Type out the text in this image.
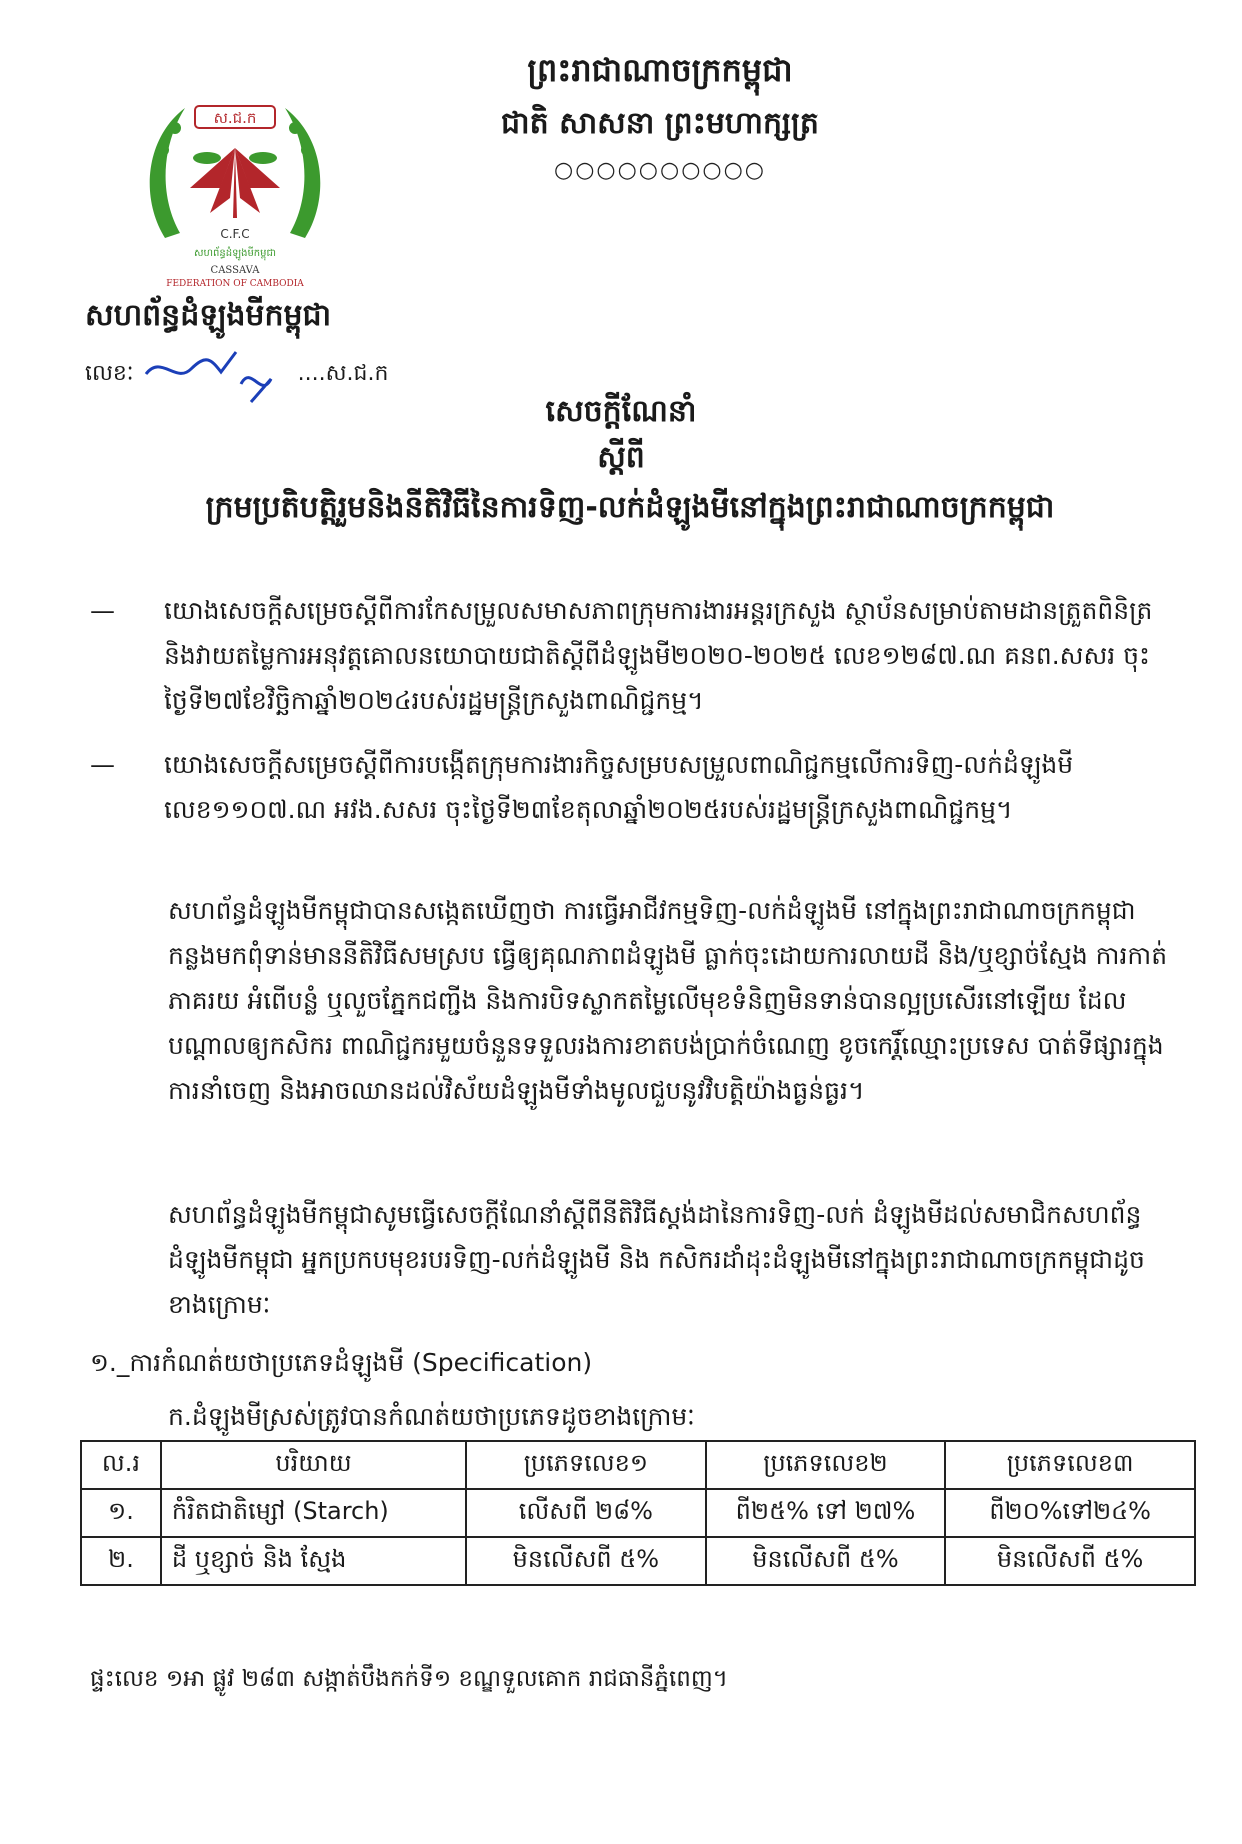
ព្រះរាជាណាចក្រកម្ពុជា
ជាតិ សាសនា ព្រះមហាក្សត្រ
○○○○○○○○○○
ស.ជ.ក
C.F.C
សហព័ន្ធដំឡូងមីកម្ពុជា
CASSAVA
FEDERATION OF CAMBODIA
សហព័ន្ធដំឡូងមីកម្ពុជា
លេខៈ	....ស.ជ.ក
សេចក្តីណែនាំ
ស្តីពី
ក្រមប្រតិបត្តិរួមនិងនីតិវិធីនៃការទិញ-លក់ដំឡូងមីនៅក្នុងព្រះរាជាណាចក្រកម្ពុជា
— យោងសេចក្តីសម្រេចស្តីពីការកែសម្រួលសមាសភាពក្រុមការងារអន្តរក្រសួង ស្ថាប័នសម្រាប់តាមដានត្រួតពិនិត្រនិងវាយតម្លៃការអនុវត្តគោលនយោបាយជាតិស្តីពីដំឡូងមី២០២០-២០២៥ លេខ១២៨៧.ណ គនព.សសរ ចុះថ្ងៃទី២៧ខែវិច្ឆិកាឆ្នាំ២០២៤របស់រដ្ឋមន្ត្រីក្រសួងពាណិជ្ជកម្ម។
— យោងសេចក្តីសម្រេចស្តីពីការបង្កើតក្រុមការងារកិច្ចសម្របសម្រួលពាណិជ្ជកម្មលើការទិញ-លក់ដំឡូងមី លេខ១១០៧.ណ អវង.សសរ ចុះថ្ងៃទី២៣ខែតុលាឆ្នាំ២០២៥របស់រដ្ឋមន្ត្រីក្រសួងពាណិជ្ជកម្ម។
សហព័ន្ធដំឡូងមីកម្ពុជាបានសង្កេតឃើញថា ការធ្វើអាជីវកម្មទិញ-លក់ដំឡូងមី នៅក្នុងព្រះរាជាណាចក្រកម្ពុជា កន្លងមកពុំទាន់មាននីតិវិធីសមស្រប ធ្វើឲ្យគុណភាពដំឡូងមី ធ្លាក់ចុះដោយការលាយដី និង/ឬខ្សាច់ស្មែង ការកាត់ភាគរយ អំពើបន្លំ ឬលួចភ្នែកជញ្ជីង និងការបិទស្លាកតម្លៃលើមុខទំនិញមិនទាន់បានល្អប្រសើរនៅឡើយ ដែលបណ្តាលឲ្យកសិករ ពាណិជ្ជករមួយចំនួនទទួលរងការខាតបង់ប្រាក់ចំណេញ ខូចកេរ្តិ៍ឈ្មោះប្រទេស បាត់ទីផ្សារក្នុងការនាំចេញ និងអាចឈានដល់វិស័យដំឡូងមីទាំងមូលជួបនូវវិបត្តិយ៉ាងធ្ងន់ធ្ងរ។
សហព័ន្ធដំឡូងមីកម្ពុជាសូមធ្វើសេចក្តីណែនាំស្តីពីនីតិវិធីស្តង់ដានៃការទិញ-លក់ ដំឡូងមីដល់សមាជិកសហព័ន្ធដំឡូងមីកម្ពុជា អ្នកប្រកបមុខរបរទិញ-លក់ដំឡូងមី និង កសិករដាំដុះដំឡូងមីនៅក្នុងព្រះរាជាណាចក្រកម្ពុជាដូចខាងក្រោមៈ
១._ការកំណត់យថាប្រភេទដំឡូងមី (Specification)
ក.ដំឡូងមីស្រស់ត្រូវបានកំណត់យថាប្រភេទដូចខាងក្រោមៈ
ល.រ	បរិយាយ	ប្រភេទលេខ១	ប្រភេទលេខ២	ប្រភេទលេខ៣
១.	កំរិតជាតិម្សៅ (Starch)	លើសពី ២៨%	ពី២៥% ទៅ ២៧%	ពី២០%ទៅ២៤%
២.	ដី ឬខ្សាច់ និង ស្មែង	មិនលើសពី ៥%	មិនលើសពី ៥%	មិនលើសពី ៥%
ផ្ទះលេខ ១អា ផ្លូវ ២៨៣ សង្កាត់បឹងកក់ទី១ ខណ្ឌទួលគោក រាជធានីភ្នំពេញ។
